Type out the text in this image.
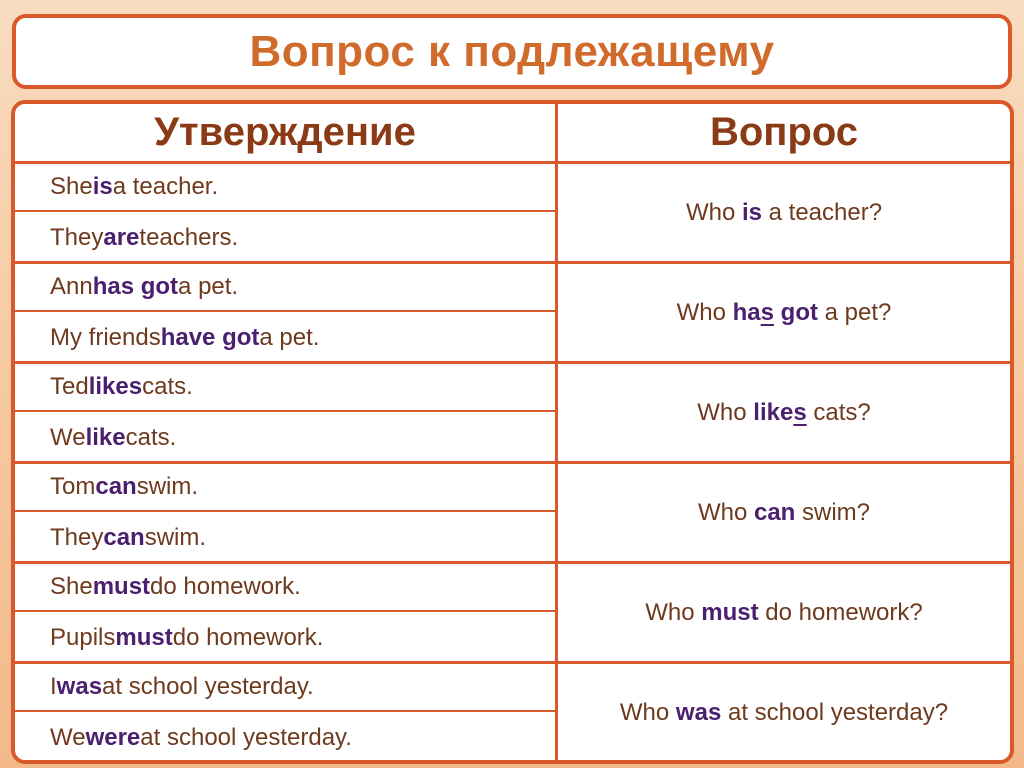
Вопрос к подлежащему
Утверждение	Вопрос
She is a teacher.
They are teachers.
Who is a teacher?
Ann has got a pet.
My friends have got a pet.
Who has got a pet?
Ted likes cats.
We like cats.
Who likes cats?
Tom can swim.
They can swim.
Who can swim?
She must do homework.
Pupils must do homework.
Who must do homework?
I was at school yesterday.
We were at school yesterday.
Who was at school yesterday?
